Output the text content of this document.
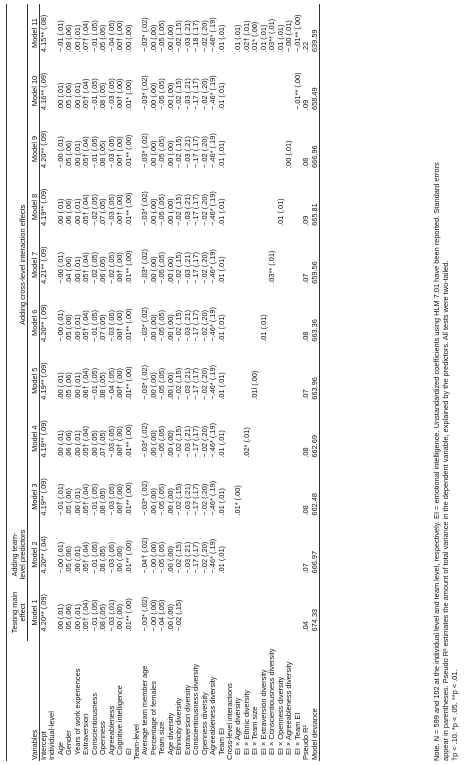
	Testing main effect	Adding team-level predictors	Adding cross-level interaction effects								
Variables	Model 1	Model 2	Model 3	Model 4	Model 5	Model 6	Model 7	Model 8	Model 9	Model 10	Model 11
Intercept	4.20** (.09)	4.20** (.04)	4.19** (.09)	4.19** (.09)	4.19** (.09)	4.20** (.09)	4.21** (.09)	4.19** (.09)	4.20** (.09)	4.16** (.09)	4.15** (.08)
Individual-level											
Age	.00 (.01)	−.00 (.01)	−.01 (.01)	.00 (.01)	.00 (.01)	−.00 (.01)	−.00 (.01)	.00 (.01)	−.00 (.01)	.00 (.01)	−.01 (.01)
Gender	.05 (.06)	.05 (.06)	.05 (.06)	.06 (.06)	.05 (.06)	.05 (.06)	.04 (.06)	.06 (.06)	.05 (.06)	.05 (.06)	.08 (.06)
Years of work experiences	.00 (.01)	.00 (.01)	.00 (.01)	.00 (.01)	.00 (.01)	.00 (.01)	.00 (.01)	.00 (.01)	.00 (.01)	.00 (.01)	.00 (.01)
Extraversion	.05† (.04)	.05† (.04)	.05† (.04)	.05† (.04)	.06† (.04)	.05† (.04)	.05† (.04)	.05† (.04)	.05† (.04)	.05† (.04)	.07† (.04)
Conscientiousness	−.01 (.05)	−.01 (.05)	−.01 (.05)	.00 (.05)	−.01 (.05)	−.01 (.05)	−.02 (.05)	−.02 (.05)	−.01 (.05)	−.01 (.05)	−.01 (.05)
Openness	.08 (.05)	.08 (.05)	.08 (.05)	.07 (.05)	.08 (.05)	.07 (.05)	.06 (.05)	.07 (.05)	.08 (.05)	.08 (.05)	.05 (.05)
Agreeableness	−.03 (.01)	−.03 (.05)	−.03 (.05)	−.03 (.05)	−.04 (.05)	−.03 (.05)	−.02 (.05)	−.03 (.05)	−.03 (.05)	−.03 (.05)	−.04 (.05)
Cognitive intelligence	.00 (.00)	.00 (.00)	.00† (.00)	.00† (.00)	.00† (.00)	.00† (.00)	.00† (.00)	.00† (.00)	.00† (.00)	.00† (.00)	.00† (.00)
EI	.01** (.00)	.01** (.00)	.01** (.00)	.01** (.00)	.01** (.00)	.01** (.00)	.01** (.00)	.01** (.00)	.01** (.00)	.01* (.00)	.00 (.00)
Team-level											
Average team member age	−.03* (.02)	−.04† (.02)	−.03* (.02)	−.03* (.02)	−.03* (.02)	−.03* (.02)	−.03* (.02)	−.03* (.02)	−.03* (.02)	−.03* (.02)	−.03* (.02)
Percentage of females	−.00 (.00)	−.00 (.00)	.00 (.00)	.00 (.00)	.00 (.00)	.00 (.00)	.00 (.00)	.00 (.00)	.00 (.00)	.00 (.00)	.00 (.00)
Team size	−.04 (.05)	−.05 (.05)	−.05 (.05)	−.05 (.05)	−.05 (.05)	−.05 (.05)	−.05 (.05)	−.05 (.05)	−.05 (.05)	−.05 (.05)	−.05 (.05)
Age diversity	.00 (.00)	.00 (.00)	.00 (.00)	.00 (.00)	.00 (.00)	.00 (.00)	.00 (.00)	.00 (.00)	.00 (.00)	.00 (.00)	.00 (.00)
Ethnicity diversity	−.02 (.15)	−.02 (.15)	−.02 (.15)	−.02 (.15)	−.02 (.15)	−.02 (.15)	−.02 (.15)	−.02 (.15)	−.02 (.15)	−.02 (.15)	−.02 (.15)
Extraversion diversity		−.03 (.21)	−.03 (.21)	−.03 (.21)	−.03 (.21)	−.03 (.21)	−.03 (.21)	−.03 (.21)	−.03 (.21)	−.03 (.21)	−.03 (.21)
Conscientiousness diversity		−.17 (.17)	−.17 (.17)	−.17 (.17)	−.17 (.17)	−.17 (.17)	−.17 (.17)	−.17 (.17)	−.17 (.17)	−.17 (.17)	−.18 (.17)
Openness diversity		−.02 (.20)	−.02 (.20)	−.02 (.20)	−.02 (.20)	−.02 (.20)	−.02 (.20)	−.02 (.20)	−.02 (.20)	−.02 (.20)	−.02 (.20)
Agreeableness diversity		−.46* (.19)	−.46* (.19)	−.46* (.19)	−.46* (.19)	−.46* (.19)	−.46* (.19)	−.46* (.19)	−.46* (.19)	−.46* (.19)	−.46* (.19)
Team EI		.01 (.01)	.01 (.01)	.01 (.01)	.01 (.01)	.01 (.01)	.01 (.01)	.01 (.01)	.01 (.01)	.01 (.01)	.01 (.01)
Cross-level interactions											
EI × Age diversity			.01* (.00)								.01 (.01)
EI × Ethnic diversity				.02* (.01)							.02† (.01)
EI × Team size					.01l (.00)						.01* (.00)
EI × Extraversion diversity						.01 (.01)					.01 (.01)
EI × Conscientiousness diversity							.03** (.01)				.03** (.01)
EI × Openness diversity								.01 (.01)			.01 (.01)
EI × Agreeableness diversity									.00 (.01)		−.00 (.01)
EI × Team EI										−.01** (.00)	−.01** (.00)
Pseudo R²	.04	.07	.08	.08	.07	.08	.07	.09	.08	.09	.22
Model deviance	674.33	666.97	662.48	662.69	663.96	663.36	659.56	665.81	666.96	658.49	639.59

Note. N = 599 and 102 at the individual level and team level, respectively. EI = emotional intelligence. Unstandardized coefficients using HLM 7.01 have been reported. Standard errors appear in parentheses. Pseudo R² estimates the amount of total variance in the dependent variable, explained by the predictors. All tests were two-tailed. †p < .10. *p < .05. **p < .01.
